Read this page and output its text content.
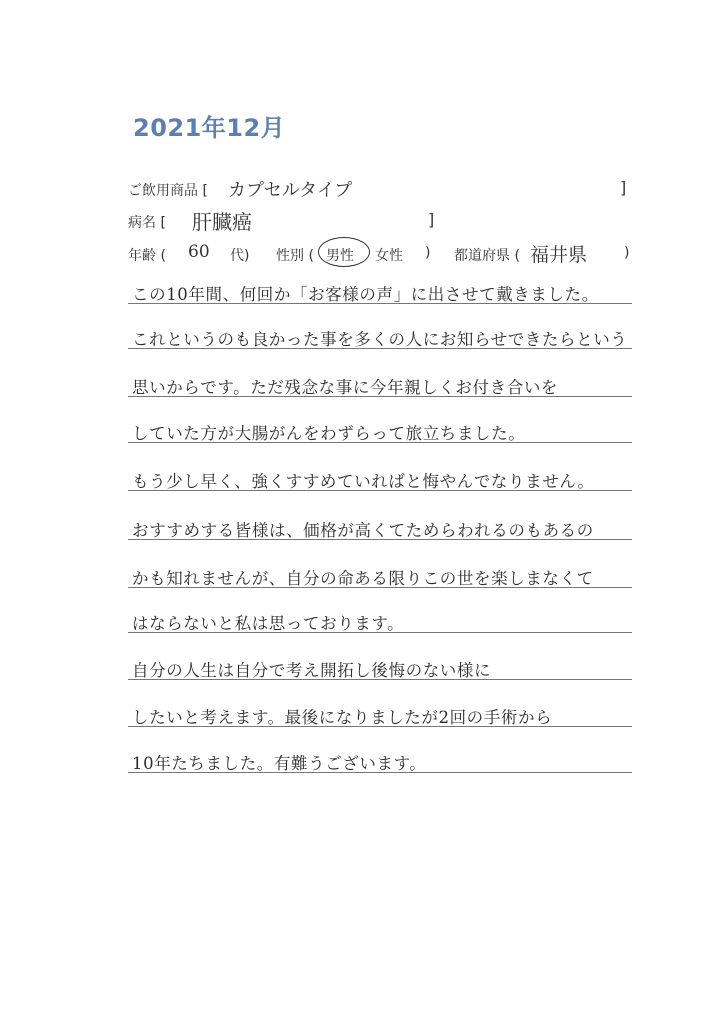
2021年12月
ご飲用商品 [ カプセルタイプ	]
病名 [ 肝臓癌	]
年齢 ( 60 代) 性別 ( 男性 女性 ) 都道府県 ( 福井県	)
この10年間、何回か「お客様の声」に出させて戴きました。
これというのも良かった事を多くの人にお知らせできたらという
思いからです。ただ残念な事に今年親しくお付き合いを
していた方が大腸がんをわずらって旅立ちました。
もう少し早く、強くすすめていればと悔やんでなりません。
おすすめする皆様は、価格が高くてためらわれるのもあるの
かも知れませんが、自分の命ある限りこの世を楽しまなくて
はならないと私は思っております。
自分の人生は自分で考え開拓し後悔のない様に
したいと考えます。最後になりましたが2回の手術から
10年たちました。有難うございます。
